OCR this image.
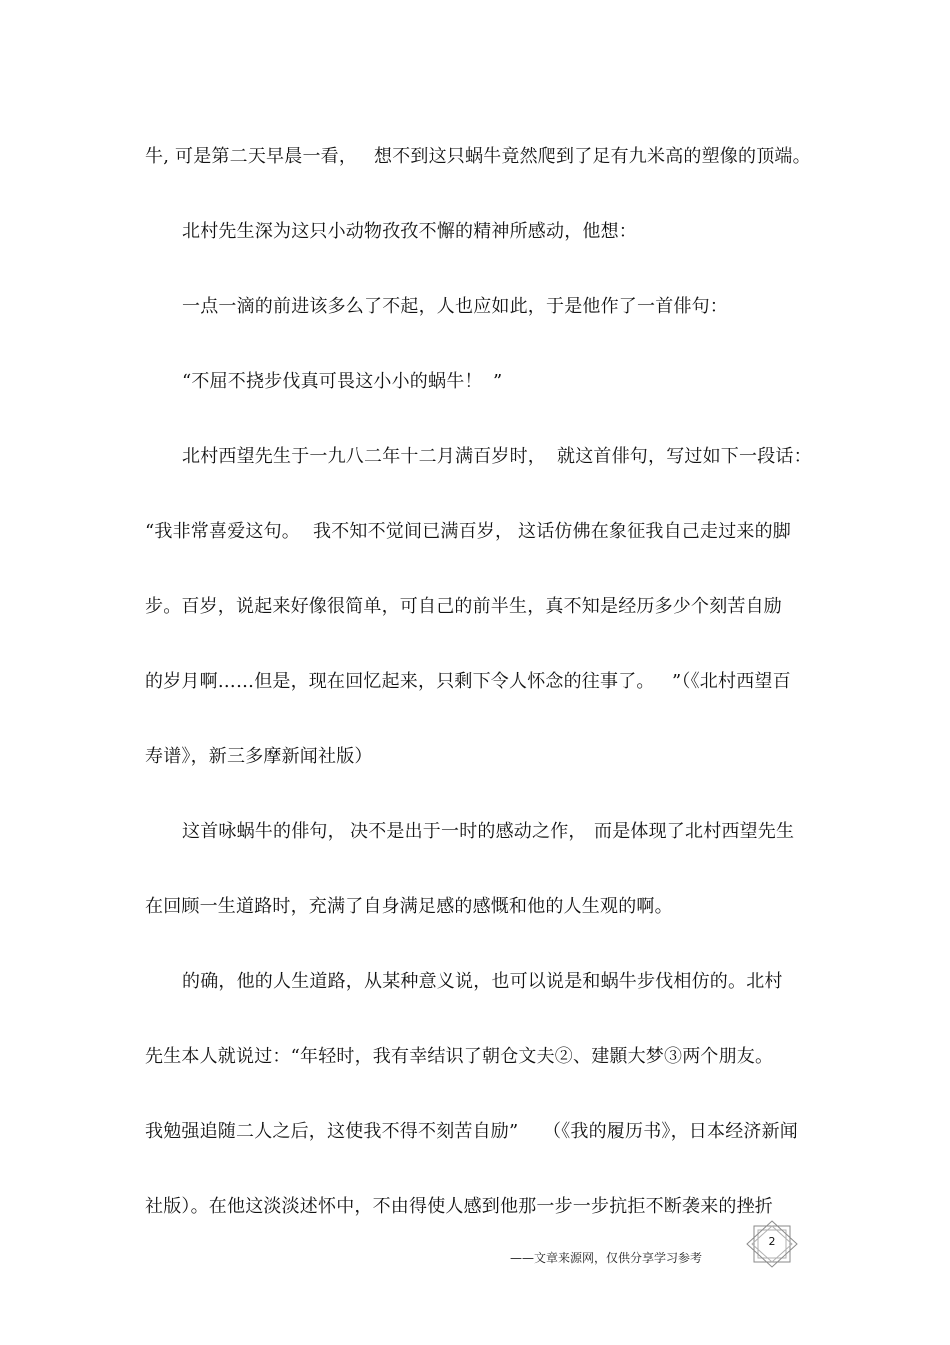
牛, 可是第二天早晨一看，

想不到这只蜗牛竟然爬到了足有九米高的塑像的顶端。

北村先生深为这只小动物孜孜不懈的精神所感动，他想：

一点一滴的前进该多么了不起，人也应如此，于是他作了一首俳句：

“不屈不挠步伐真可畏这小小的蜗牛！

”

北村西望先生于一九八二年十二月满百岁时，

就这首俳句，写过如下一段话：

“我非常喜爱这句。

我不知不觉间已满百岁，

这话仿佛在象征我自己走过来的脚

步。百岁，说起来好像很简单，可自己的前半生，真不知是经历多少个刻苦自励

的岁月啊……但是，现在回忆起来，只剩下令人怀念的往事了。

”（《北村西望百

寿谱》，新三多摩新闻社版）

这首咏蜗牛的俳句，

决不是出于一时的感动之作，

而是体现了北村西望先生

在回顾一生道路时，充满了自身满足感的感慨和他的人生观的啊。

的确，他的人生道路，从某种意义说，也可以说是和蜗牛步伐相仿的。北村

先生本人就说过：“年轻时，我有幸结识了朝仓文夫②、建顥大梦③两个朋友。

我勉强追随二人之后，这使我不得不刻苦自励”

（《我的履历书》，日本经济新闻

社版）。在他这淡淡述怀中，不由得使人感到他那一步一步抗拒不断袭来的挫折

2
——文章来源网，仅供分享学习参考
